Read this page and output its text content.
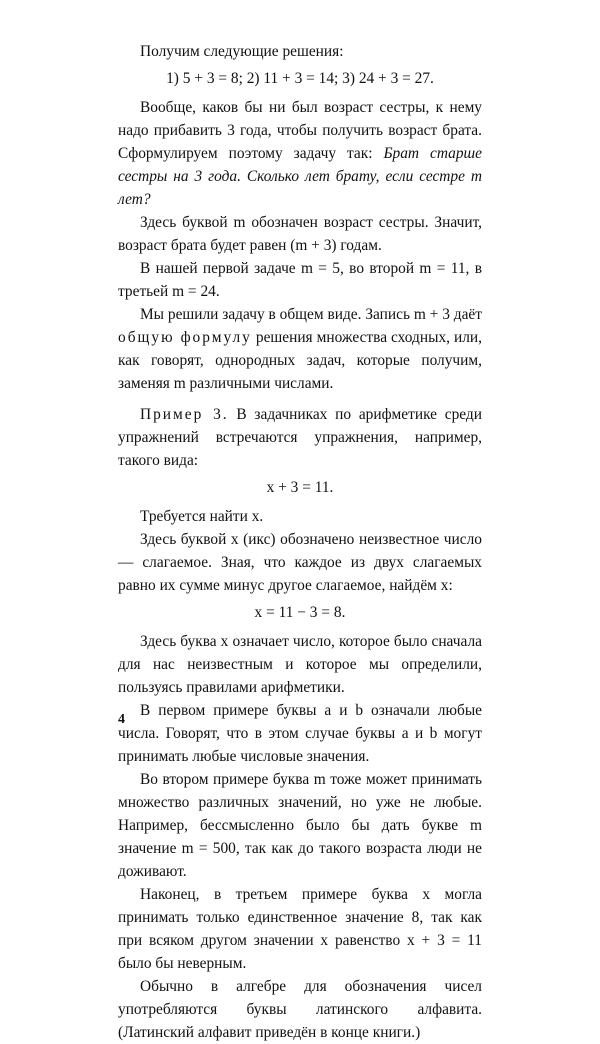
Получим следующие решения:

1) 5 + 3 = 8; 2) 11 + 3 = 14; 3) 24 + 3 = 27.

Вообще, каков бы ни был возраст сестры, к нему надо прибавить 3 года, чтобы получить возраст брата. Сформулируем поэтому задачу так: Брат старше сестры на 3 года. Сколько лет брату, если сестре m лет?

Здесь буквой m обозначен возраст сестры. Значит, возраст брата будет равен (m + 3) годам.

В нашей первой задаче m = 5, во второй m = 11, в третьей m = 24.

Мы решили задачу в общем виде. Запись m + 3 даёт общую формулу решения множества сходных, или, как говорят, однородных задач, которые получим, заменяя m различными числами.

Пример 3. В задачниках по арифметике среди упражнений встречаются упражнения, например, такого вида:

x + 3 = 11.

Требуется найти x.

Здесь буквой x (икс) обозначено неизвестное число — слагаемое. Зная, что каждое из двух слагаемых равно их сумме минус другое слагаемое, найдём x:

x = 11 − 3 = 8.

Здесь буква x означает число, которое было сначала для нас неизвестным и которое мы определили, пользуясь правилами арифметики.

В первом примере буквы a и b означали любые числа. Говорят, что в этом случае буквы a и b могут принимать любые числовые значения.

Во втором примере буква m тоже может принимать множество различных значений, но уже не любые. Например, бессмысленно было бы дать букве m значение m = 500, так как до такого возраста люди не доживают.

Наконец, в третьем примере буква x могла принимать только единственное значение 8, так как при всяком другом значении x равенство x + 3 = 11 было бы неверным.

Обычно в алгебре для обозначения чисел употребляются буквы латинского алфавита. (Латинский алфавит приведён в конце книги.)

4
